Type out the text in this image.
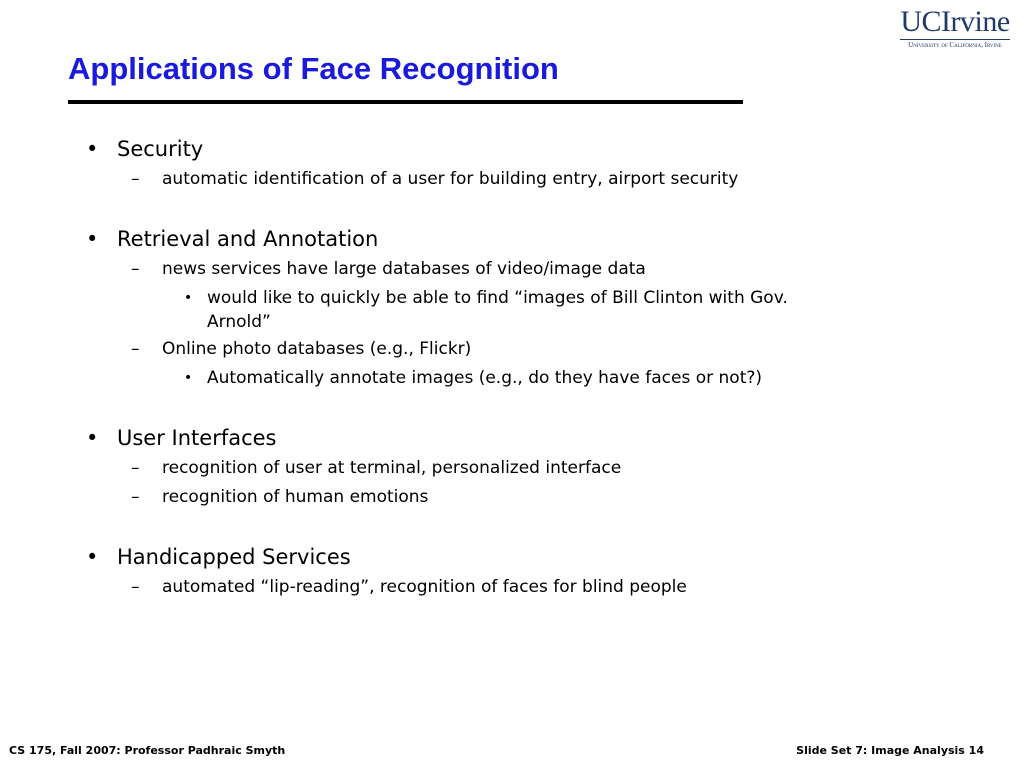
UCIrvine
University of California, Irvine
Applications of Face Recognition
• Security
– automatic identification of a user for building entry, airport security
• Retrieval and Annotation
– news services have large databases of video/image data
• would like to quickly be able to find “images of Bill Clinton with Gov.
Arnold”
– Online photo databases (e.g., Flickr)
• Automatically annotate images (e.g., do they have faces or not?)
• User Interfaces
– recognition of user at terminal, personalized interface
– recognition of human emotions
• Handicapped Services
– automated “lip-reading”, recognition of faces for blind people
CS 175, Fall 2007: Professor Padhraic Smyth	Slide Set 7: Image Analysis 14
